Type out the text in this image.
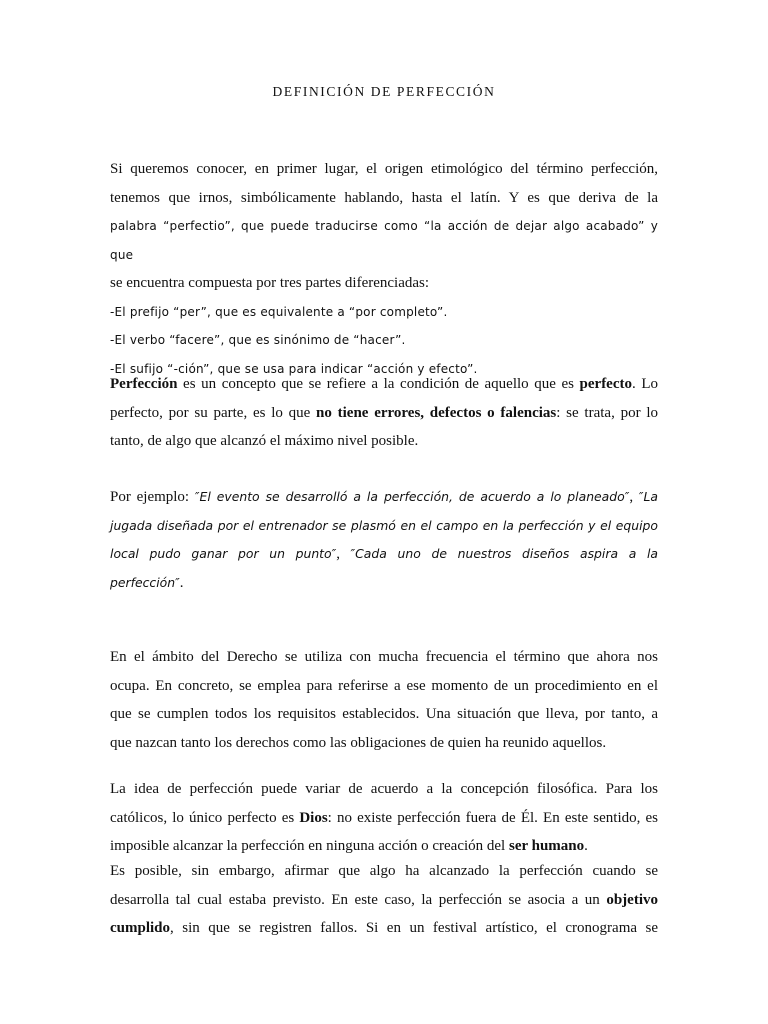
DEFINICIÓN DE PERFECCIÓN
Si queremos conocer, en primer lugar, el origen etimológico del término perfección,
tenemos que irnos, simbólicamente hablando, hasta el latín. Y es que deriva de la
palabra “perfectio”, que puede traducirse como “la acción de dejar algo acabado” y que
se encuentra compuesta por tres partes diferenciadas:
-El prefijo “per”, que es equivalente a “por completo”.
-El verbo “facere”, que es sinónimo de “hacer”.
-El sufijo “-ción”, que se usa para indicar “acción y efecto”.
Perfección es un concepto que se refiere a la condición de aquello que es perfecto. Lo
perfecto, por su parte, es lo que no tiene errores, defectos o falencias: se trata, por lo
tanto, de algo que alcanzó el máximo nivel posible.
Por ejemplo: ″El evento se desarrolló a la perfección, de acuerdo a lo planeado″, ″La
jugada diseñada por el entrenador se plasmó en el campo en la perfección y el equipo
local pudo ganar por un punto″, ″Cada uno de nuestros diseños aspira a la
perfección″.
En el ámbito del Derecho se utiliza con mucha frecuencia el término que ahora nos
ocupa. En concreto, se emplea para referirse a ese momento de un procedimiento en el
que se cumplen todos los requisitos establecidos. Una situación que lleva, por tanto, a
que nazcan tanto los derechos como las obligaciones de quien ha reunido aquellos.
La idea de perfección puede variar de acuerdo a la concepción filosófica. Para los
católicos, lo único perfecto es Dios: no existe perfección fuera de Él. En este sentido, es
imposible alcanzar la perfección en ninguna acción o creación del ser humano.
Es posible, sin embargo, afirmar que algo ha alcanzado la perfección cuando se
desarrolla tal cual estaba previsto. En este caso, la perfección se asocia a un objetivo
cumplido, sin que se registren fallos. Si en un festival artístico, el cronograma se
